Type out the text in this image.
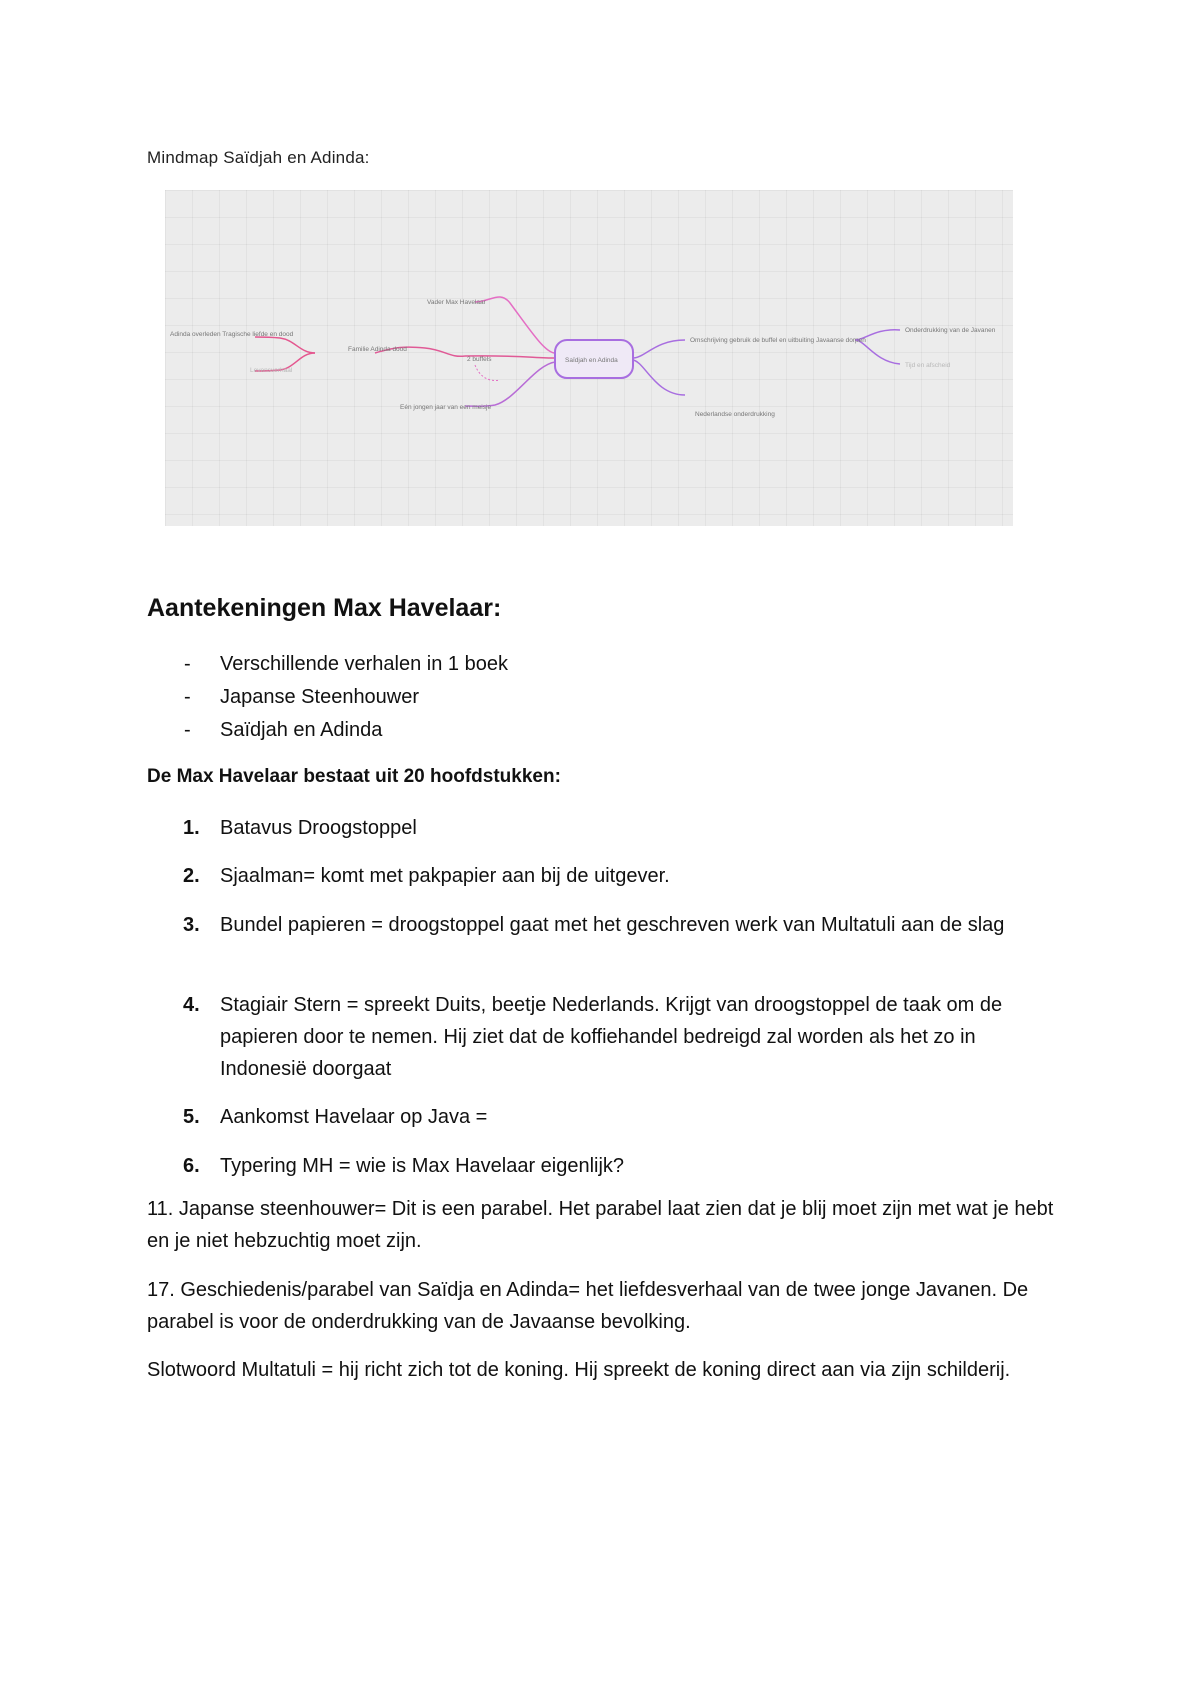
Mindmap Saïdjah en Adinda:
Saïdjah en Adinda
Vader Max Havelaar
2 buffels
Eén jongen jaar van een meisje
Familie Adinda dood
Adinda overleden Tragische liefde en dood
Levensverhaal
Omschrijving gebruik de buffel en uitbuiting Javaanse dorpen
Onderdrukking van de Javanen
Tijd en afscheid
Nederlandse onderdrukking
Aantekeningen Max Havelaar:
- Verschillende verhalen in 1 boek
- Japanse Steenhouwer
- Saïdjah en Adinda

De Max Havelaar bestaat uit 20 hoofdstukken:

1. Batavus Droogstoppel
2. Sjaalman= komt met pakpapier aan bij de uitgever.
3. Bundel papieren = droogstoppel gaat met het geschreven werk van Multatuli aan de slag
4. Stagiair Stern = spreekt Duits, beetje Nederlands. Krijgt van droogstoppel de taak om de papieren door te nemen. Hij ziet dat de koffiehandel bedreigd zal worden als het zo in Indonesië doorgaat
5. Aankomst Havelaar op Java =
6. Typering MH = wie is Max Havelaar eigenlijk?

11. Japanse steenhouwer= Dit is een parabel. Het parabel laat zien dat je blij moet zijn met wat je hebt en je niet hebzuchtig moet zijn.

17. Geschiedenis/parabel van Saïdja en Adinda= het liefdesverhaal van de twee jonge Javanen. De parabel is voor de onderdrukking van de Javaanse bevolking.

Slotwoord Multatuli = hij richt zich tot de koning. Hij spreekt de koning direct aan via zijn schilderij.
